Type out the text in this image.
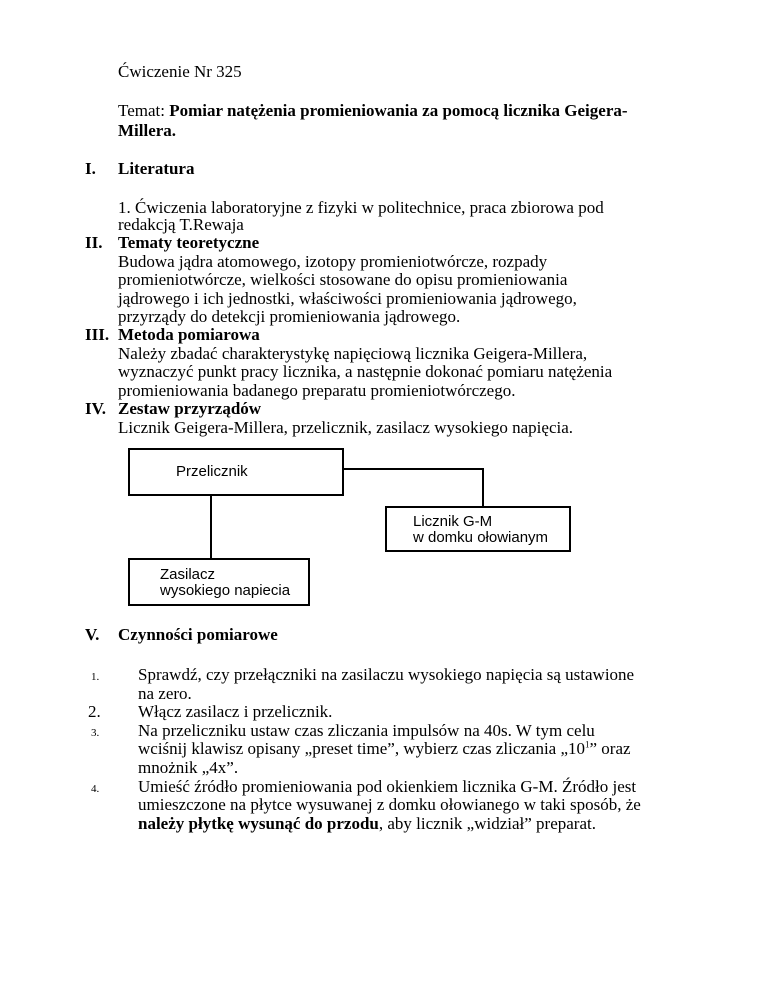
Ćwiczenie Nr 325
Temat: Pomiar natężenia promieniowania za pomocą licznika Geigera-
Millera.
I. Literatura
1. Ćwiczenia laboratoryjne z fizyki w politechnice, praca zbiorowa pod
redakcją T.Rewaja
II. Tematy teoretyczne
Budowa jądra atomowego, izotopy promieniotwórcze, rozpady
promieniotwórcze, wielkości stosowane do opisu promieniowania
jądrowego i ich jednostki, właściwości promieniowania jądrowego,
przyrządy do detekcji promieniowania jądrowego.
III. Metoda pomiarowa
Należy zbadać charakterystykę napięciową licznika Geigera-Millera,
wyznaczyć punkt pracy licznika, a następnie dokonać pomiaru natężenia
promieniowania badanego preparatu promieniotwórczego.
IV. Zestaw przyrządów
Licznik Geigera-Millera, przelicznik, zasilacz wysokiego napięcia.
Przelicznik
Licznik G-M
w domku ołowianym
Zasilacz
wysokiego napiecia
V. Czynności pomiarowe
1. Sprawdź, czy przełączniki na zasilaczu wysokiego napięcia są ustawione
na zero.
2. Włącz zasilacz i przelicznik.
3. Na przeliczniku ustaw czas zliczania impulsów na 40s. W tym celu
wciśnij klawisz opisany „preset time”, wybierz czas zliczania $„10^1$” oraz
mnożnik „4x”.
4. Umieść źródło promieniowania pod okienkiem licznika G-M. Źródło jest
umieszczone na płytce wysuwanej z domku ołowianego w taki sposób, że
należy płytkę wysunąć do przodu, aby licznik „widział” preparat.
